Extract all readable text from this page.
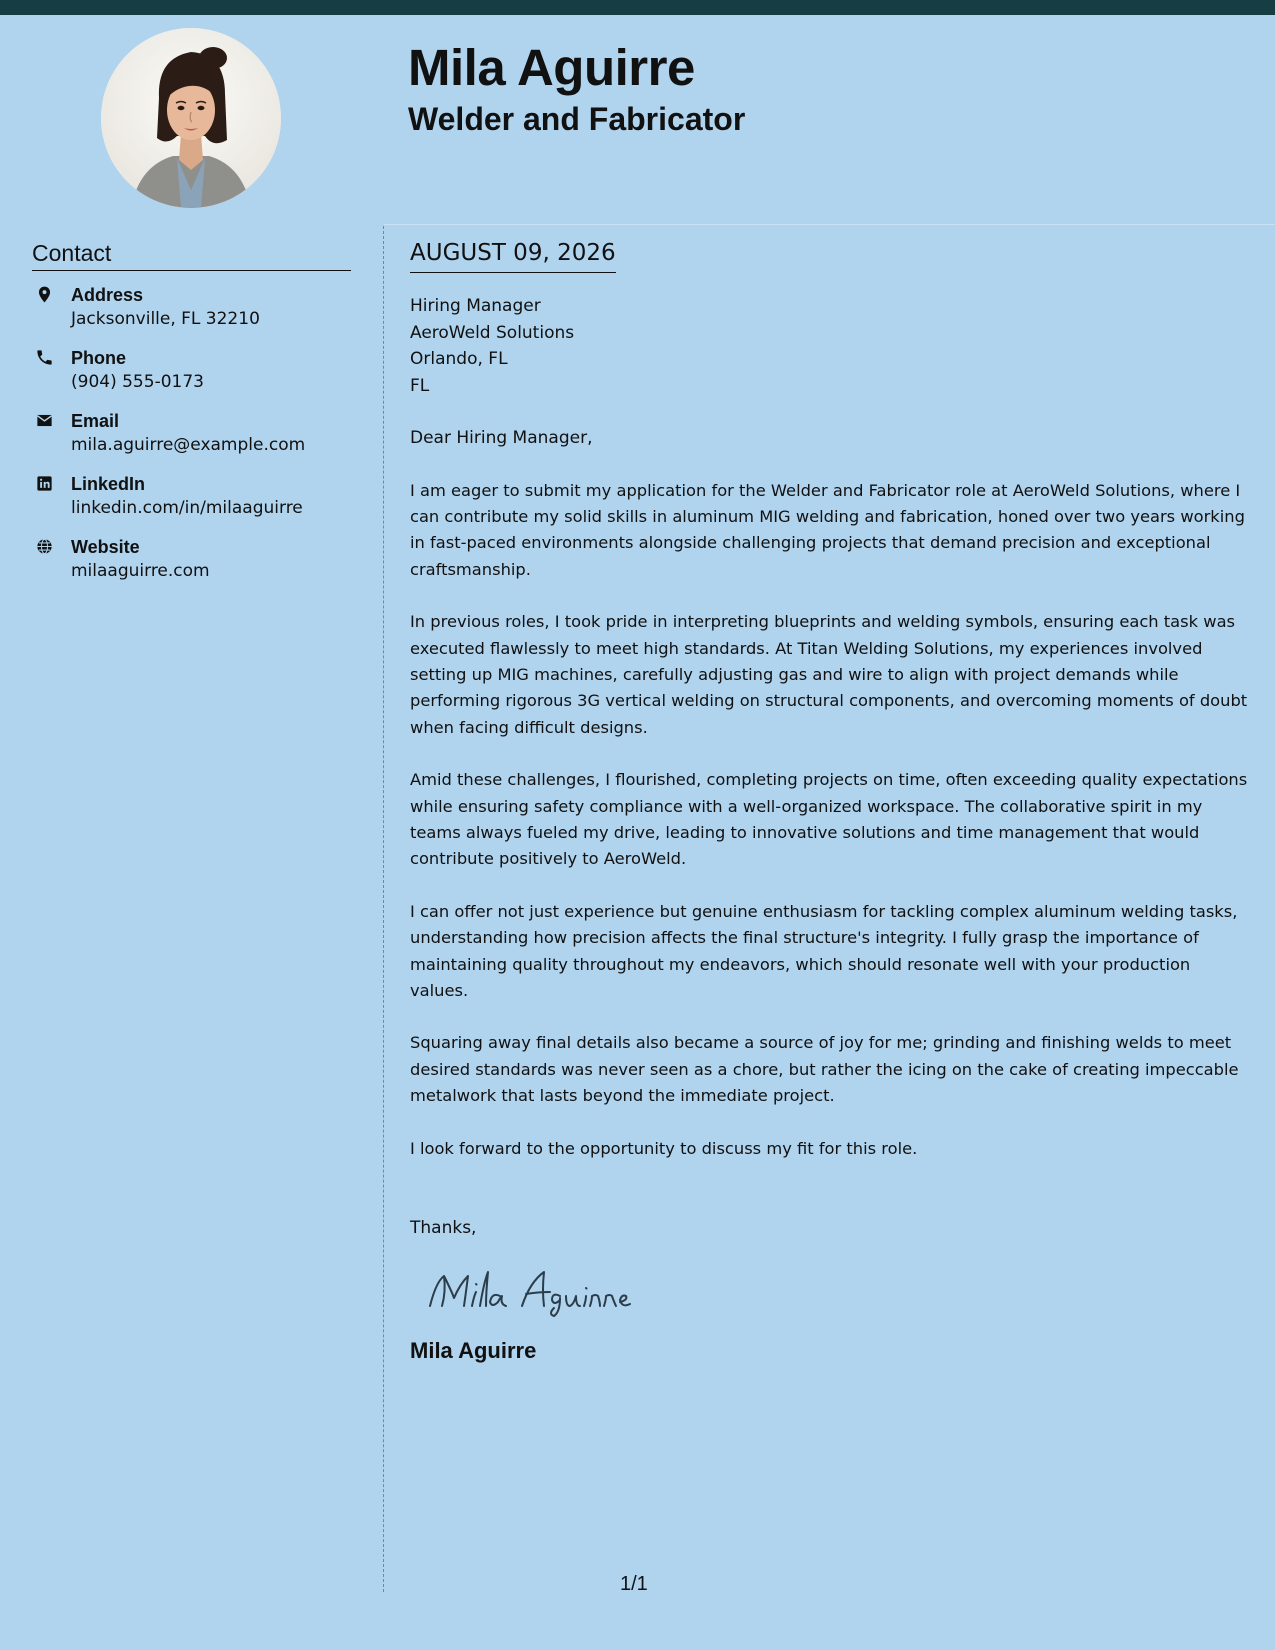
Mila Aguirre
Welder and Fabricator
Contact
Address
Jacksonville, FL 32210
Phone
(904) 555-0173
Email
mila.aguirre@example.com
LinkedIn
linkedin.com/in/milaaguirre
Website
milaaguirre.com
AUGUST 09, 2026
Hiring Manager
AeroWeld Solutions
Orlando, FL
FL
Dear Hiring Manager,

I am eager to submit my application for the Welder and Fabricator role at AeroWeld Solutions, where I can contribute my solid skills in aluminum MIG welding and fabrication, honed over two years working in fast-paced environments alongside challenging projects that demand precision and exceptional craftsmanship.

In previous roles, I took pride in interpreting blueprints and welding symbols, ensuring each task was executed flawlessly to meet high standards. At Titan Welding Solutions, my experiences involved setting up MIG machines, carefully adjusting gas and wire to align with project demands while performing rigorous 3G vertical welding on structural components, and overcoming moments of doubt when facing difficult designs.

Amid these challenges, I flourished, completing projects on time, often exceeding quality expectations while ensuring safety compliance with a well-organized workspace. The collaborative spirit in my teams always fueled my drive, leading to innovative solutions and time management that would contribute positively to AeroWeld.

I can offer not just experience but genuine enthusiasm for tackling complex aluminum welding tasks, understanding how precision affects the final structure's integrity. I fully grasp the importance of maintaining quality throughout my endeavors, which should resonate well with your production values.

Squaring away final details also became a source of joy for me; grinding and finishing welds to meet desired standards was never seen as a chore, but rather the icing on the cake of creating impeccable metalwork that lasts beyond the immediate project.

I look forward to the opportunity to discuss my fit for this role.

Thanks,
Mila Aguirre
1/1
